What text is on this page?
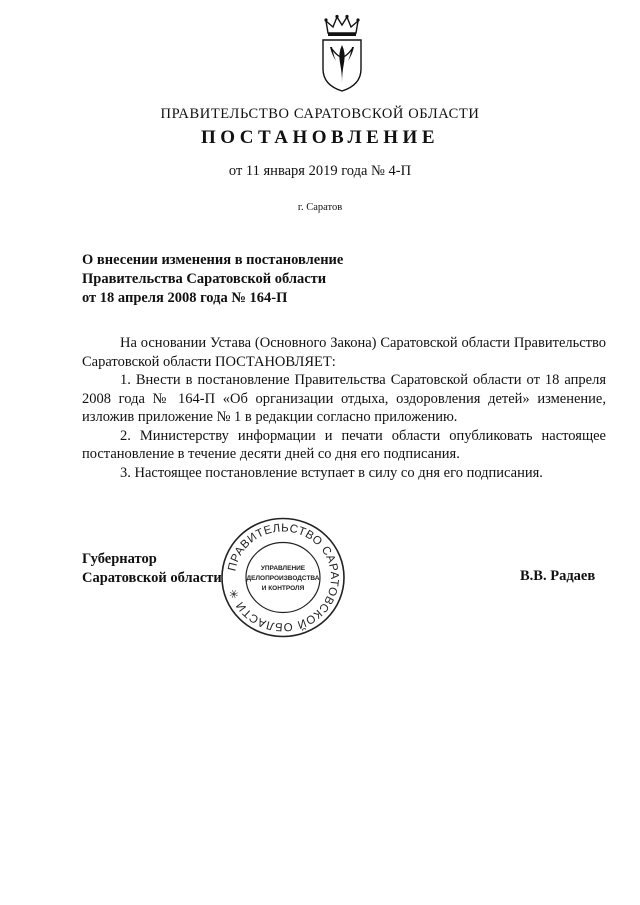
ПРАВИТЕЛЬСТВО САРАТОВСКОЙ ОБЛАСТИ
ПОСТАНОВЛЕНИЕ
от 11 января 2019 года № 4-П
г. Саратов
О внесении изменения в постановление
Правительства Саратовской области
от 18 апреля 2008 года № 164-П

На основании Устава (Основного Закона) Саратовской области Правительство Саратовской области ПОСТАНОВЛЯЕТ:

1. Внести в постановление Правительства Саратовской области от 18 апреля 2008 года № 164-П «Об организации отдыха, оздоровления детей» изменение, изложив приложение № 1 в редакции согласно приложению.

2. Министерству информации и печати области опубликовать настоящее постановление в течение десяти дней со дня его подписания.

3. Настоящее постановление вступает в силу со дня его подписания.

Губернатор
Саратовской области	В.В. Радаев
ПРАВИТЕЛЬСТВО САРАТОВСКОЙ ОБЛАСТИ ✳
УПРАВЛЕНИЕ
ДЕЛОПРОИЗВОДСТВА
И КОНТРОЛЯ
